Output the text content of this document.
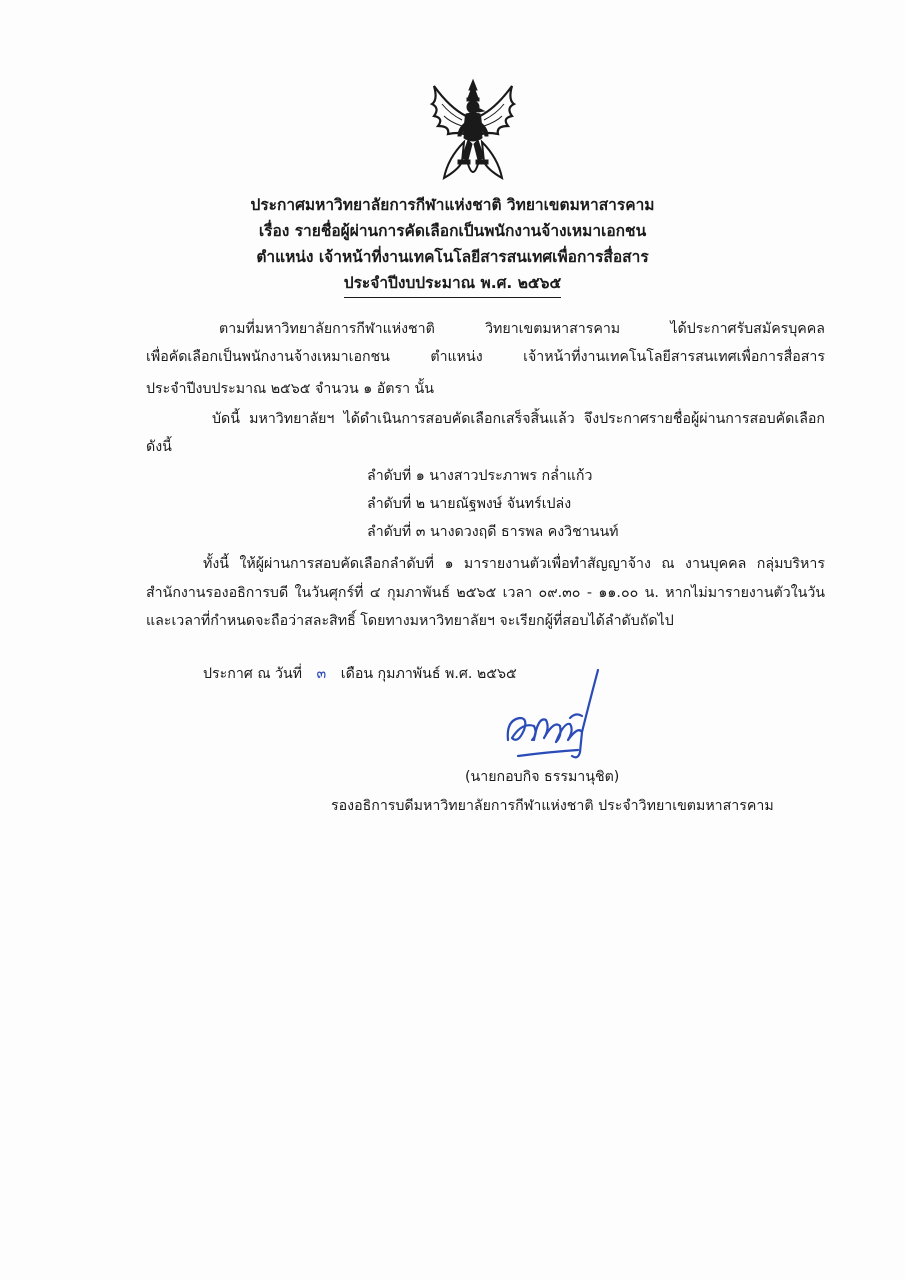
ประกาศมหาวิทยาลัยการกีฬาแห่งชาติ วิทยาเขตมหาสารคาม
เรื่อง รายชื่อผู้ผ่านการคัดเลือกเป็นพนักงานจ้างเหมาเอกชน
ตำแหน่ง เจ้าหน้าที่งานเทคโนโลยีสารสนเทศเพื่อการสื่อสาร
ประจำปีงบประมาณ พ.ศ. ๒๕๖๕
ตามที่มหาวิทยาลัยการกีฬาแห่งชาติ วิทยาเขตมหาสารคาม ได้ประกาศรับสมัครบุคคล
เพื่อคัดเลือกเป็นพนักงานจ้างเหมาเอกชน ตำแหน่ง เจ้าหน้าที่งานเทคโนโลยีสารสนเทศเพื่อการสื่อสาร
ประจำปีงบประมาณ ๒๕๖๕ จำนวน ๑ อัตรา นั้น
บัดนี้ มหาวิทยาลัยฯ ได้ดำเนินการสอบคัดเลือกเสร็จสิ้นแล้ว จึงประกาศรายชื่อผู้ผ่านการสอบคัดเลือก
ดังนี้
ลำดับที่ ๑ นางสาวประภาพร กล่ำแก้ว
ลำดับที่ ๒ นายณัฐพงษ์ จันทร์เปล่ง
ลำดับที่ ๓ นางดวงฤดี ธารพล คงวิชานนท์
ทั้งนี้ ให้ผู้ผ่านการสอบคัดเลือกลำดับที่ ๑ มารายงานตัวเพื่อทำสัญญาจ้าง ณ งานบุคคล กลุ่มบริหาร
สำนักงานรองอธิการบดี ในวันศุกร์ที่ ๔ กุมภาพันธ์ ๒๕๖๕ เวลา ๐๙.๓๐ - ๑๑.๐๐ น. หากไม่มารายงานตัวในวัน
และเวลาที่กำหนดจะถือว่าสละสิทธิ์ โดยทางมหาวิทยาลัยฯ จะเรียกผู้ที่สอบได้ลำดับถัดไป
ประกาศ ณ วันที่ ๓ เดือน กุมภาพันธ์ พ.ศ. ๒๕๖๕
(นายกอบกิจ ธรรมานุชิต)
รองอธิการบดีมหาวิทยาลัยการกีฬาแห่งชาติ ประจำวิทยาเขตมหาสารคาม
